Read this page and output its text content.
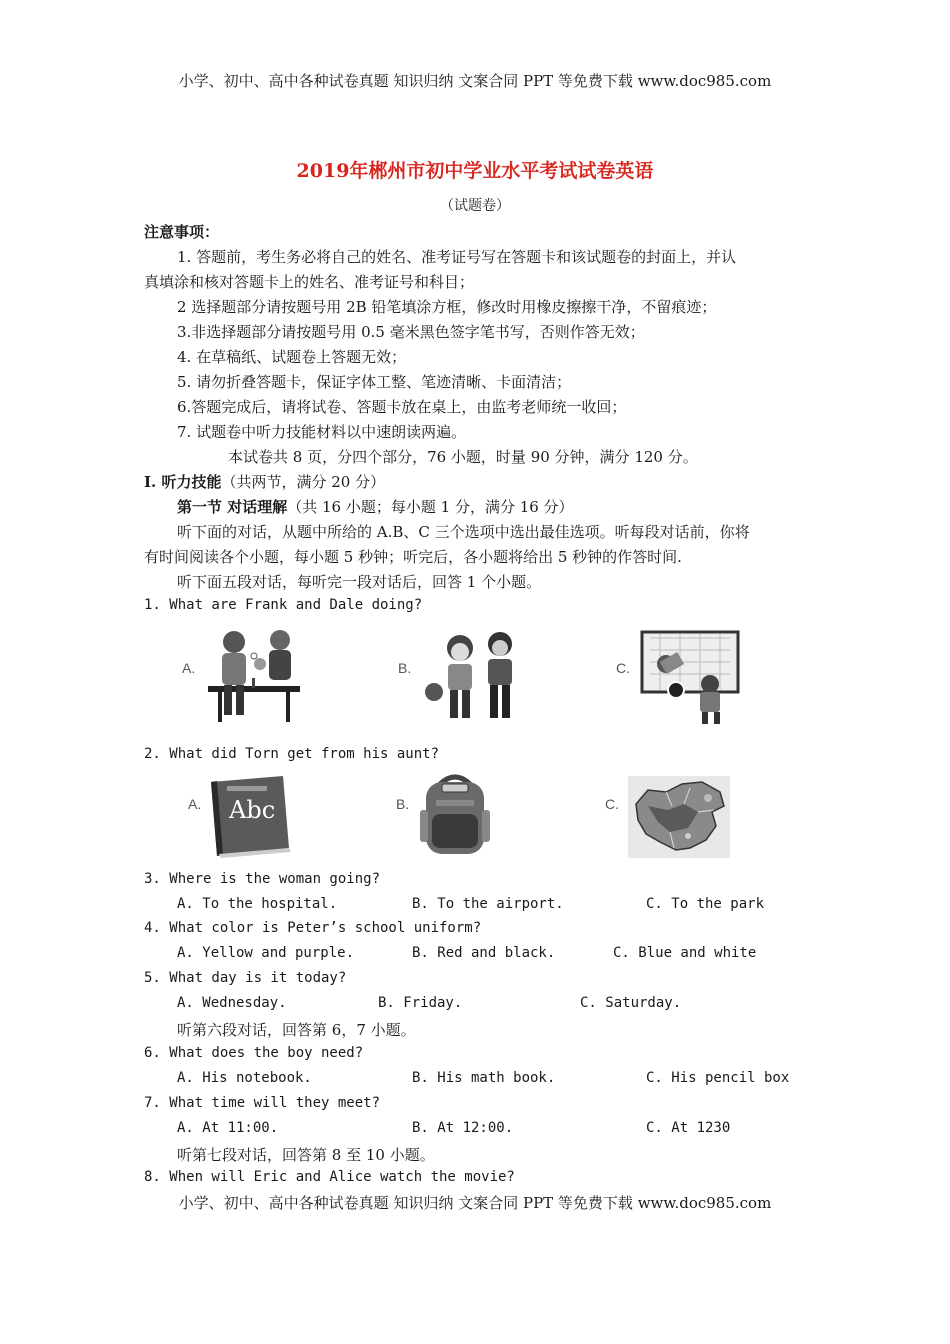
小学、初中、高中各种试卷真题 知识归纳 文案合同 PPT 等免费下载 www.doc985.com
小学、初中、高中各种试卷真题 知识归纳 文案合同 PPT 等免费下载 www.doc985.com
2019年郴州市初中学业水平考试试卷英语
（试题卷）
注意事项：
1. 答题前，考生务必将自己的姓名、准考证号写在答题卡和该试题卷的封面上，并认
真填涂和核对答题卡上的姓名、准考证号和科目；
2 选择题部分请按题号用 2B 铅笔填涂方框，修改时用橡皮擦擦干净，不留痕迹；
3.非选择题部分请按题号用 0.5 毫米黑色签字笔书写，否则作答无效；
4. 在草稿纸、试题卷上答题无效；
5. 请勿折叠答题卡，保证字体工整、笔迹清晰、卡面清洁；
6.答题完成后，请将试卷、答题卡放在桌上，由监考老师统一收回；
7. 试题卷中听力技能材料以中速朗读两遍。
本试卷共 8 页，分四个部分，76 小题，时量 90 分钟，满分 120 分。
I. 听力技能（共两节，满分 20 分）
第一节 对话理解（共 16 小题；每小题 1 分，满分 16 分）
听下面的对话，从题中所给的 A.B、C 三个选项中选出最佳选项。听每段对话前，你将
有时间阅读各个小题，每小题 5 秒钟；听完后，各小题将给出 5 秒钟的作答时间.
听下面五段对话，每听完一段对话后，回答 1 个小题。
1. What are Frank and Dale doing?
A.	B.	C.
2. What did Torn get from his aunt?
A.	B.	C.
Abc
3. Where is the woman going?
A. To the hospital.	B. To the airport.	C. To the park
4. What color is Peter’s school uniform?
A. Yellow and purple.	B. Red and black.	C. Blue and white
5. What day is it today?
A. Wednesday.	B. Friday.	C. Saturday.
听第六段对话，回答第 6，7 小题。
6. What does the boy need?
A. His notebook.	B. His math book.	C. His pencil box
7. What time will they meet?
A. At 11:00.	B. At 12:00.	C. At 1230
听第七段对话，回答第 8 至 10 小题。
8. When will Eric and Alice watch the movie?
